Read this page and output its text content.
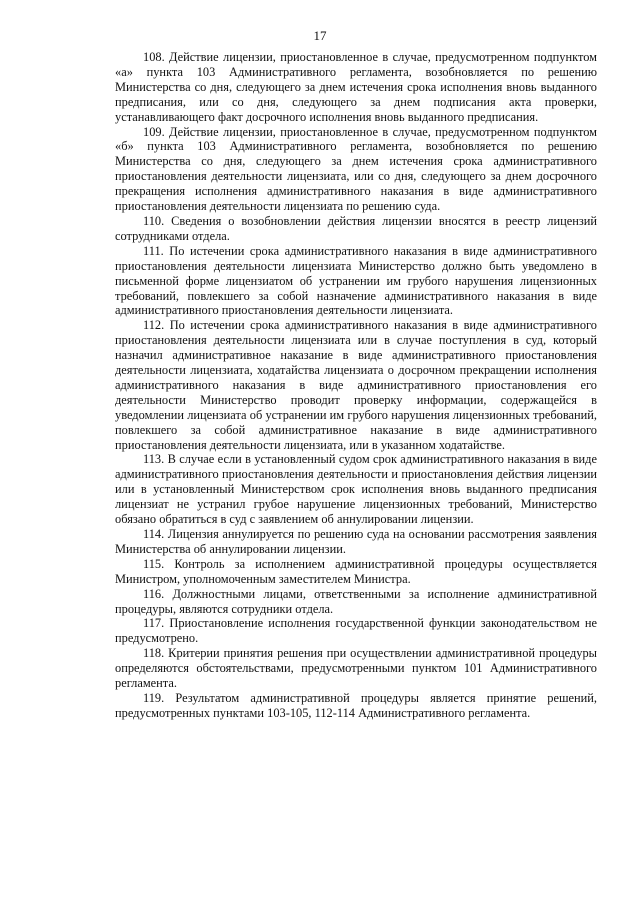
17

108. Действие лицензии, приостановленное в случае, предусмотренном подпунктом «а» пункта 103 Административного регламента, возобновляется по решению Министерства со дня, следующего за днем истечения срока исполнения вновь выданного предписания, или со дня, следующего за днем подписания акта проверки, устанавливающего факт досрочного исполнения вновь выданного предписания.

109. Действие лицензии, приостановленное в случае, предусмотренном подпунктом «б» пункта 103 Административного регламента, возобновляется по решению Министерства со дня, следующего за днем истечения срока административного приостановления деятельности лицензиата, или со дня, следующего за днем досрочного прекращения исполнения административного наказания в виде административного приостановления деятельности лицензиата по решению суда.

110. Сведения о возобновлении действия лицензии вносятся в реестр лицензий сотрудниками отдела.

111. По истечении срока административного наказания в виде административного приостановления деятельности лицензиата Министерство должно быть уведомлено в письменной форме лицензиатом об устранении им грубого нарушения лицензионных требований, повлекшего за собой назначение административного наказания в виде административного приостановления деятельности лицензиата.

112. По истечении срока административного наказания в виде административного приостановления деятельности лицензиата или в случае поступления в суд, который назначил административное наказание в виде административного приостановления деятельности лицензиата, ходатайства лицензиата о досрочном прекращении исполнения административного наказания в виде административного приостановления его деятельности Министерство проводит проверку информации, содержащейся в уведомлении лицензиата об устранении им грубого нарушения лицензионных требований, повлекшего за собой административное наказание в виде административного приостановления деятельности лицензиата, или в указанном ходатайстве.

113. В случае если в установленный судом срок административного наказания в виде административного приостановления деятельности и приостановления действия лицензии или в установленный Министерством срок исполнения вновь выданного предписания лицензиат не устранил грубое нарушение лицензионных требований, Министерство обязано обратиться в суд с заявлением об аннулировании лицензии.

114. Лицензия аннулируется по решению суда на основании рассмотрения заявления Министерства об аннулировании лицензии.

115. Контроль за исполнением административной процедуры осуществляется Министром, уполномоченным заместителем Министра.

116. Должностными лицами, ответственными за исполнение административной процедуры, являются сотрудники отдела.

117. Приостановление исполнения государственной функции законодательством не предусмотрено.

118. Критерии принятия решения при осуществлении административной процедуры определяются обстоятельствами, предусмотренными пунктом 101 Административного регламента.

119. Результатом административной процедуры является принятие решений, предусмотренных пунктами 103-105, 112-114 Административного регламента.
